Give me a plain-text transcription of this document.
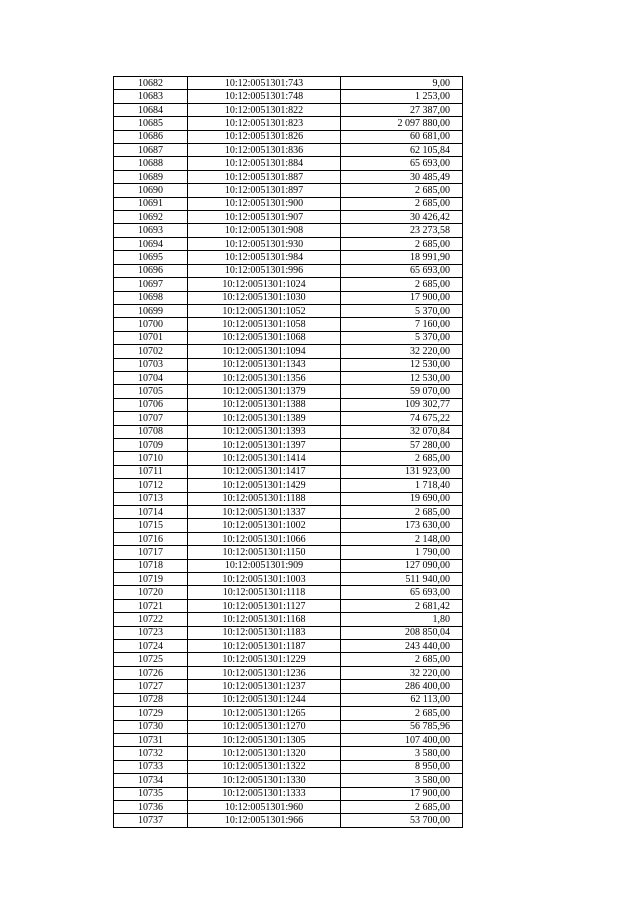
10682	10:12:0051301:743	9,00
10683	10:12:0051301:748	1 253,00
10684	10:12:0051301:822	27 387,00
10685	10:12:0051301:823	2 097 880,00
10686	10:12:0051301:826	60 681,00
10687	10:12:0051301:836	62 105,84
10688	10:12:0051301:884	65 693,00
10689	10:12:0051301:887	30 485,49
10690	10:12:0051301:897	2 685,00
10691	10:12:0051301:900	2 685,00
10692	10:12:0051301:907	30 426,42
10693	10:12:0051301:908	23 273,58
10694	10:12:0051301:930	2 685,00
10695	10:12:0051301:984	18 991,90
10696	10:12:0051301:996	65 693,00
10697	10:12:0051301:1024	2 685,00
10698	10:12:0051301:1030	17 900,00
10699	10:12:0051301:1052	5 370,00
10700	10:12:0051301:1058	7 160,00
10701	10:12:0051301:1068	5 370,00
10702	10:12:0051301:1094	32 220,00
10703	10:12:0051301:1343	12 530,00
10704	10:12:0051301:1356	12 530,00
10705	10:12:0051301:1379	59 070,00
10706	10:12:0051301:1388	109 302,77
10707	10:12:0051301:1389	74 675,22
10708	10:12:0051301:1393	32 070,84
10709	10:12:0051301:1397	57 280,00
10710	10:12:0051301:1414	2 685,00
10711	10:12:0051301:1417	131 923,00
10712	10:12:0051301:1429	1 718,40
10713	10:12:0051301:1188	19 690,00
10714	10:12:0051301:1337	2 685,00
10715	10:12:0051301:1002	173 630,00
10716	10:12:0051301:1066	2 148,00
10717	10:12:0051301:1150	1 790,00
10718	10:12:0051301:909	127 090,00
10719	10:12:0051301:1003	511 940,00
10720	10:12:0051301:1118	65 693,00
10721	10:12:0051301:1127	2 681,42
10722	10:12:0051301:1168	1,80
10723	10:12:0051301:1183	208 850,04
10724	10:12:0051301:1187	243 440,00
10725	10:12:0051301:1229	2 685,00
10726	10:12:0051301:1236	32 220,00
10727	10:12:0051301:1237	286 400,00
10728	10:12:0051301:1244	62 113,00
10729	10:12:0051301:1265	2 685,00
10730	10:12:0051301:1270	56 785,96
10731	10:12:0051301:1305	107 400,00
10732	10:12:0051301:1320	3 580,00
10733	10:12:0051301:1322	8 950,00
10734	10:12:0051301:1330	3 580,00
10735	10:12:0051301:1333	17 900,00
10736	10:12:0051301:960	2 685,00
10737	10:12:0051301:966	53 700,00
